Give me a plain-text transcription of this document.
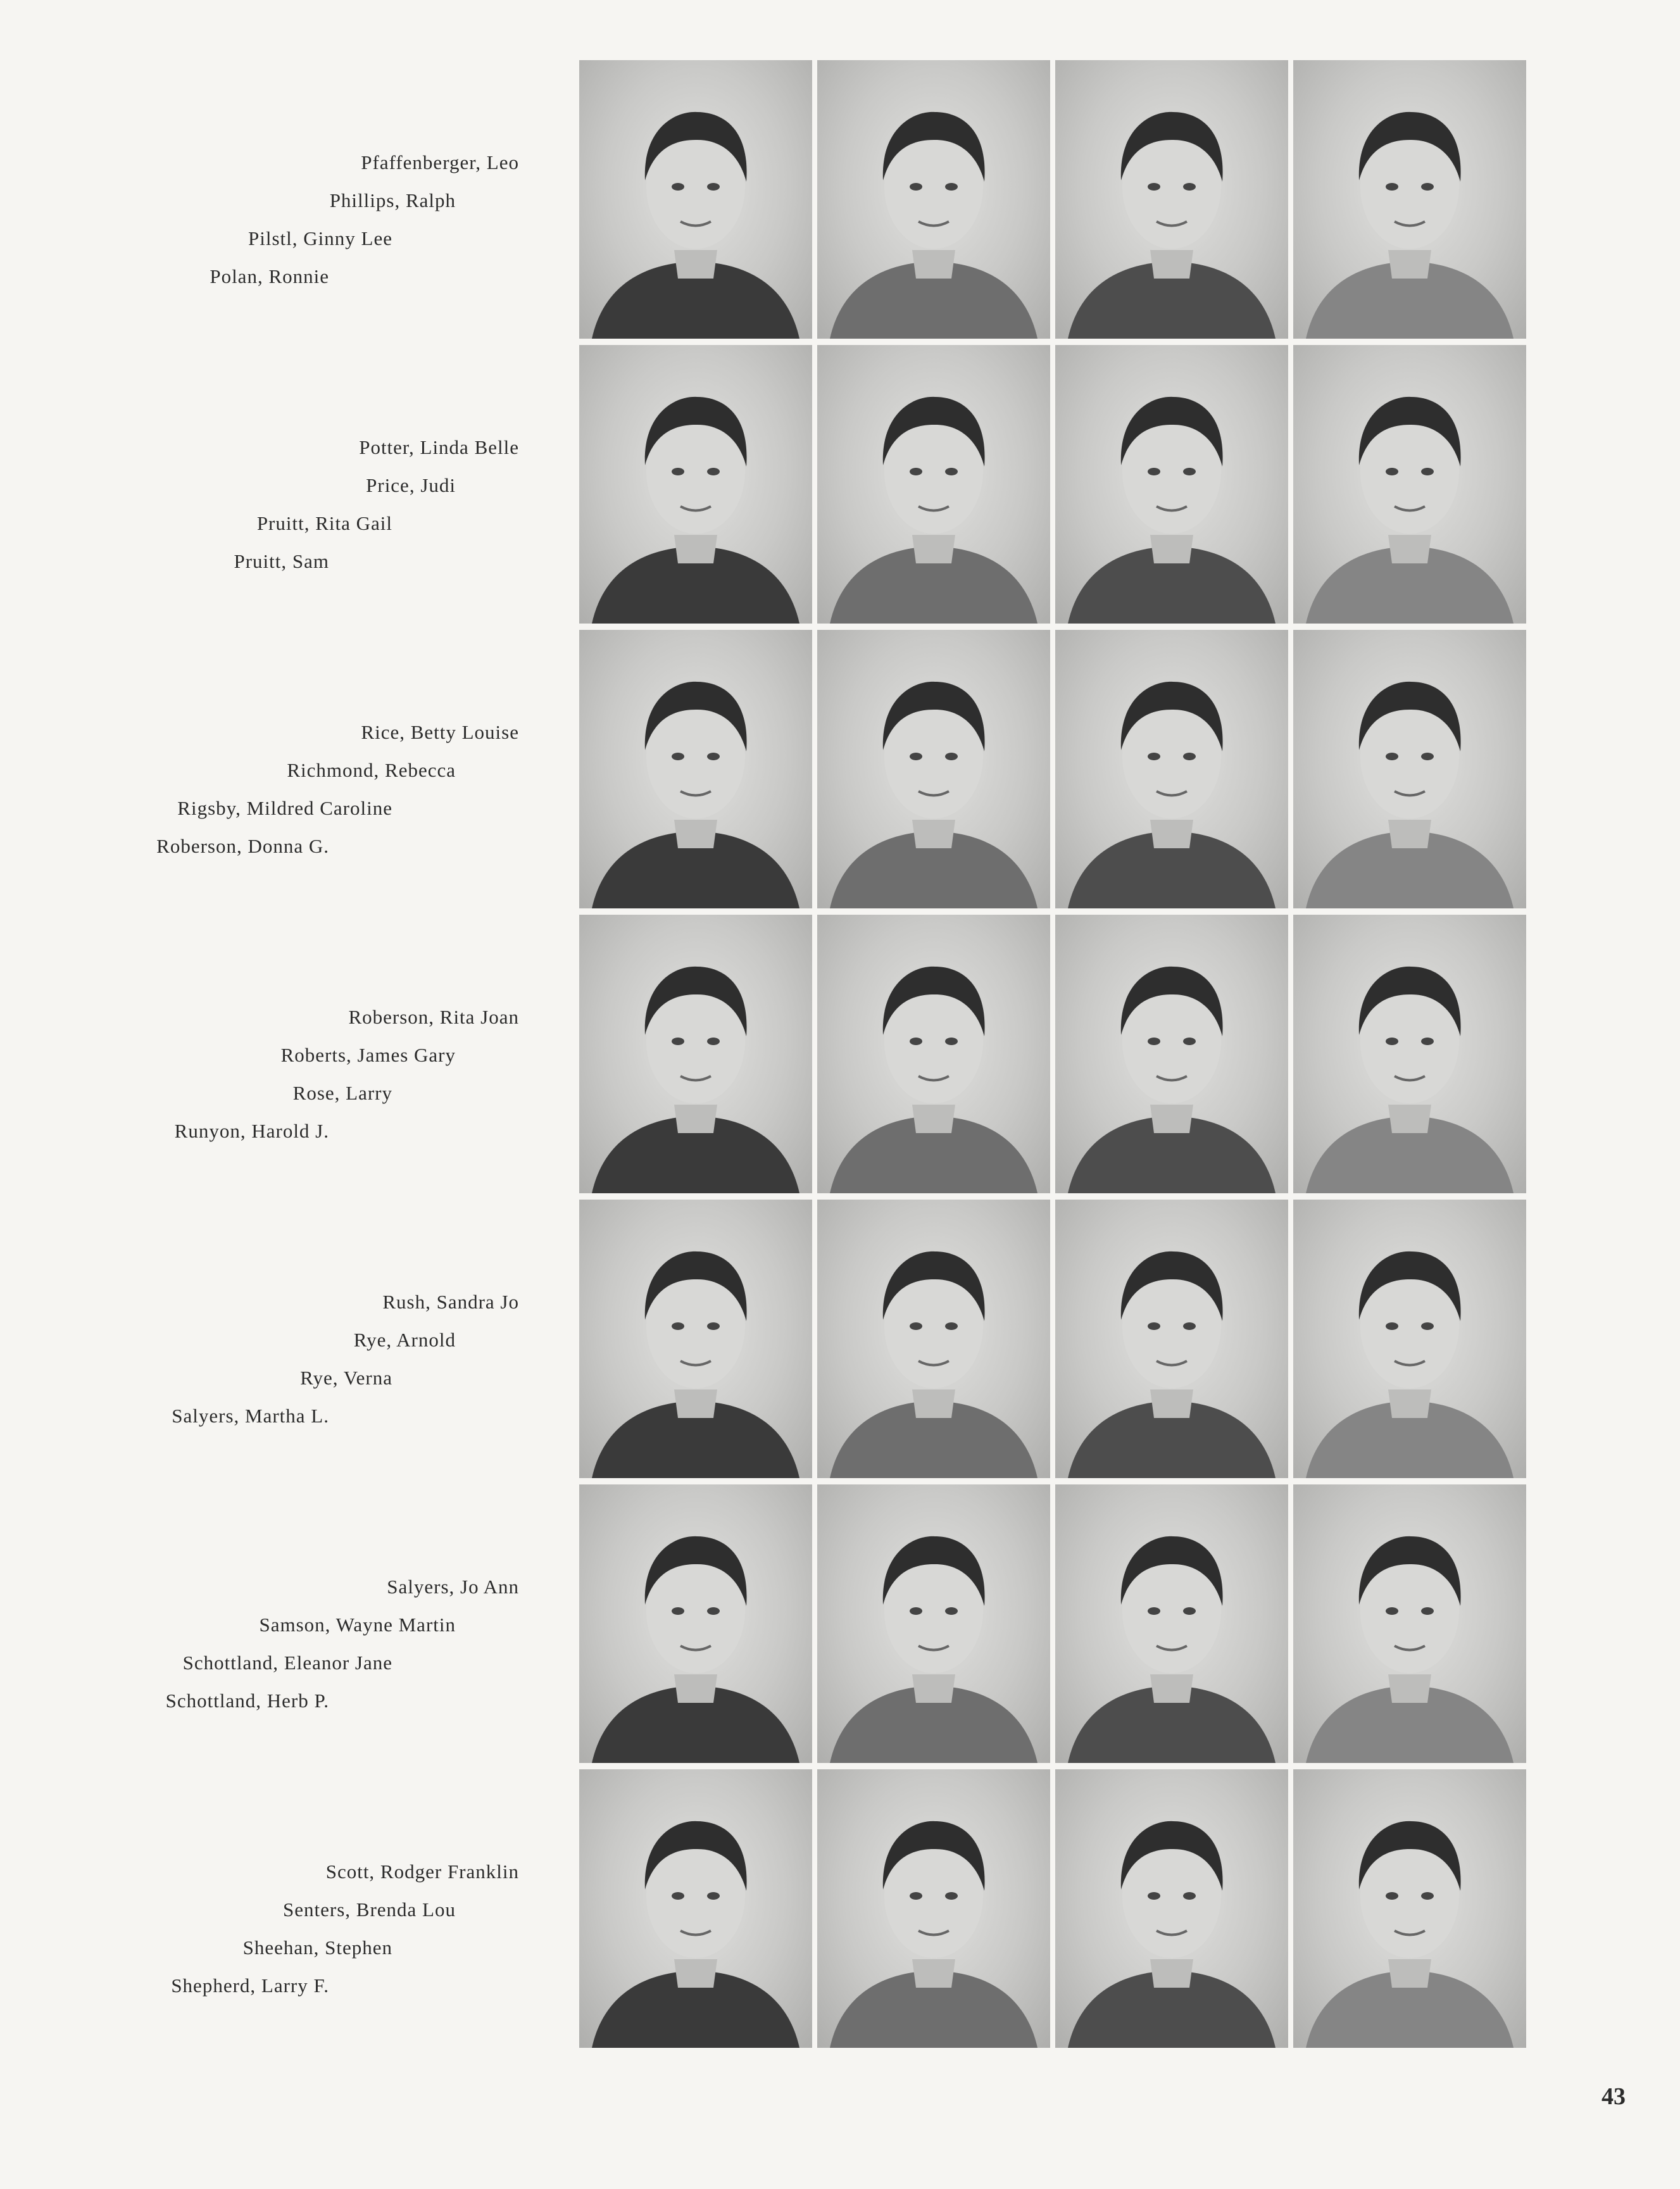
Pfaffenberger, Leo
Phillips, Ralph
Pilstl, Ginny Lee
Polan, Ronnie
Potter, Linda Belle
Price, Judi
Pruitt, Rita Gail
Pruitt, Sam
Rice, Betty Louise
Richmond, Rebecca
Rigsby, Mildred Caroline
Roberson, Donna G.
Roberson, Rita Joan
Roberts, James Gary
Rose, Larry
Runyon, Harold J.
Rush, Sandra Jo
Rye, Arnold
Rye, Verna
Salyers, Martha L.
Salyers, Jo Ann
Samson, Wayne Martin
Schottland, Eleanor Jane
Schottland, Herb P.
Scott, Rodger Franklin
Senters, Brenda Lou
Sheehan, Stephen
Shepherd, Larry F.
43
